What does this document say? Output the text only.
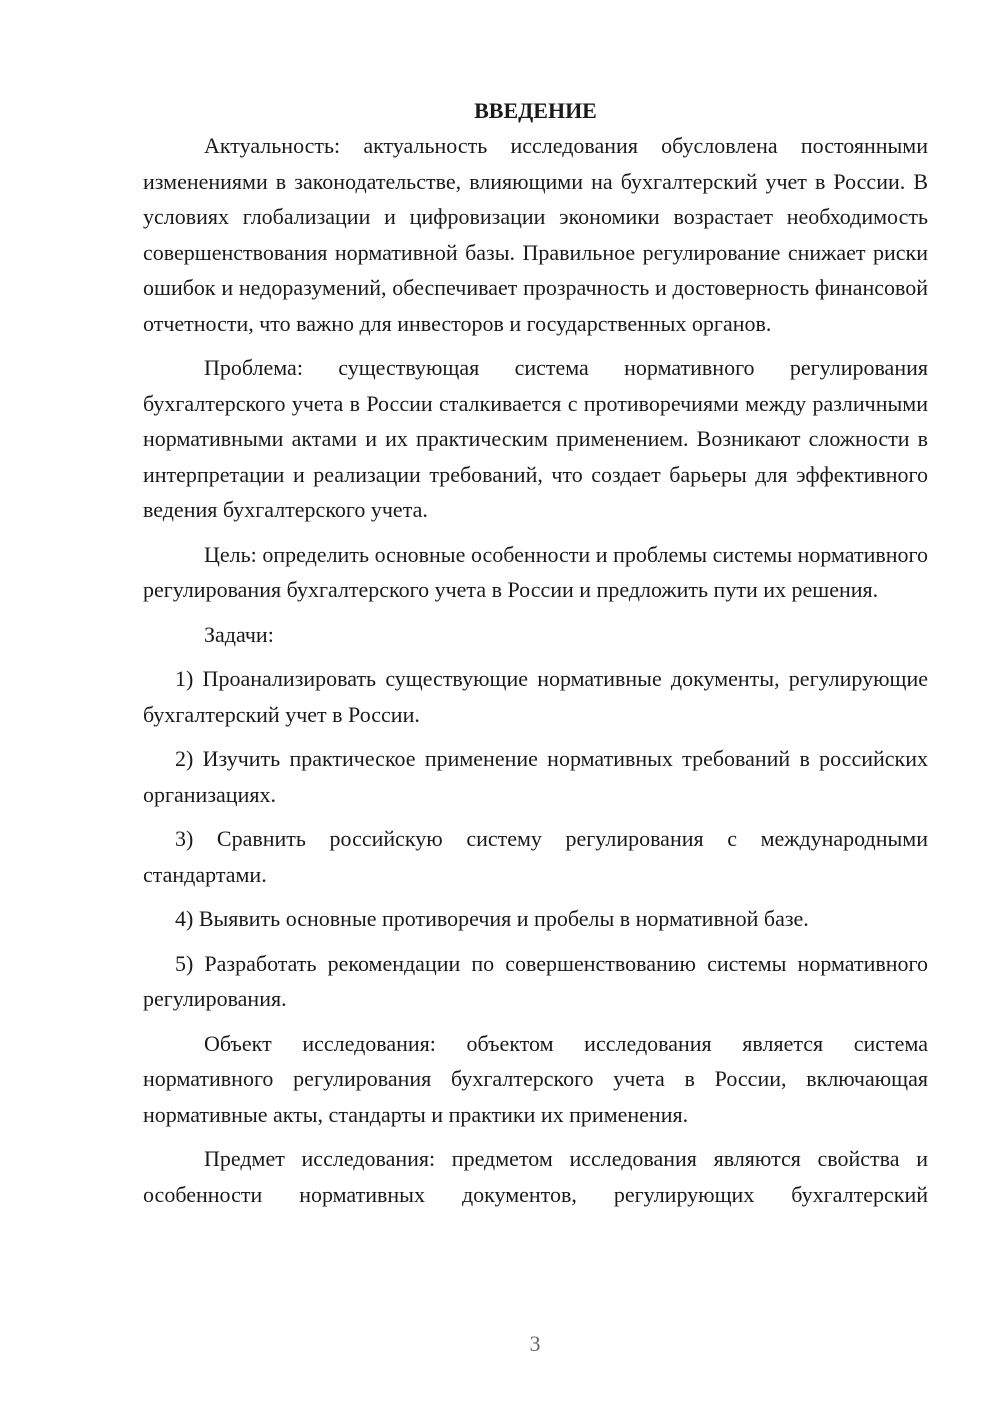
ВВЕДЕНИЕ

Актуальность: актуальность исследования обусловлена постоянными изменениями в законодательстве, влияющими на бухгалтерский учет в России. В условиях глобализации и цифровизации экономики возрастает необходимость совершенствования нормативной базы. Правильное регулирование снижает риски ошибок и недоразумений, обеспечивает прозрачность и достоверность финансовой отчетности, что важно для инвесторов и государственных органов.

Проблема: существующая система нормативного регулирования бухгалтерского учета в России сталкивается с противоречиями между различными нормативными актами и их практическим применением. Возникают сложности в интерпретации и реализации требований, что создает барьеры для эффективного ведения бухгалтерского учета.

Цель: определить основные особенности и проблемы системы нормативного регулирования бухгалтерского учета в России и предложить пути их решения.

Задачи:

1) Проанализировать существующие нормативные документы, регулирующие бухгалтерский учет в России.

2) Изучить практическое применение нормативных требований в российских организациях.

3) Сравнить российскую систему регулирования с международными стандартами.

4) Выявить основные противоречия и пробелы в нормативной базе.

5) Разработать рекомендации по совершенствованию системы нормативного регулирования.

Объект исследования: объектом исследования является система нормативного регулирования бухгалтерского учета в России, включающая нормативные акты, стандарты и практики их применения.

Предмет исследования: предметом исследования являются свойства и особенности нормативных документов, регулирующих бухгалтерский

3
